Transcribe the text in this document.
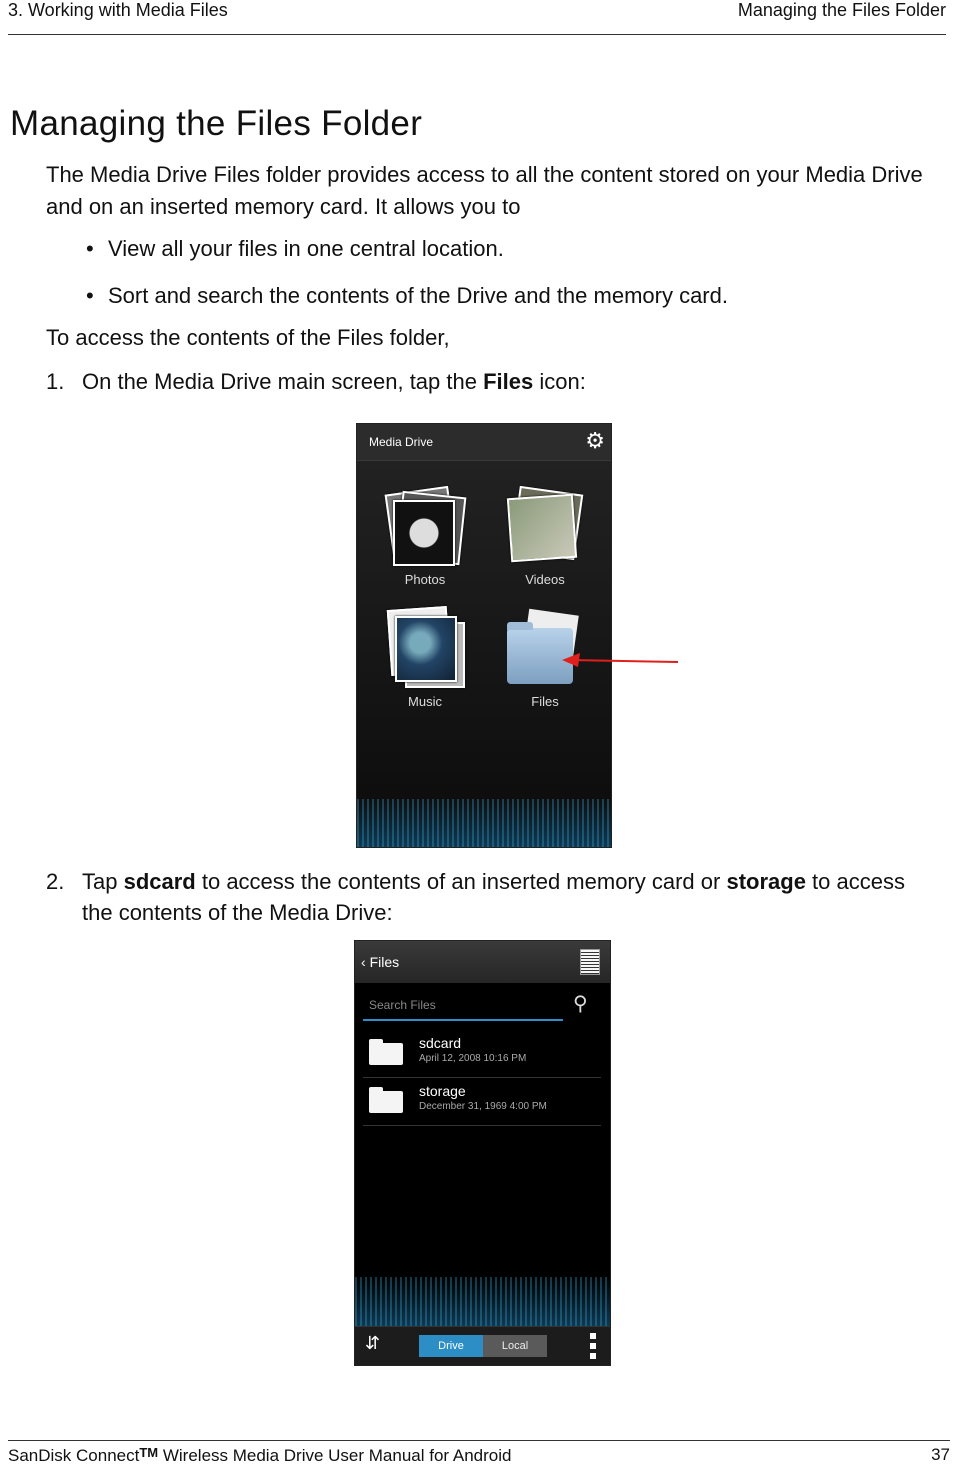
3. Working with Media Files	Managing the Files Folder
Managing the Files Folder
The Media Drive Files folder provides access to all the content stored on your Media Drive and on an inserted memory card. It allows you to
• View all your files in one central location.
• Sort and search the contents of the Drive and the memory card.
To access the contents of the Files folder,
1. On the Media Drive main screen, tap the Files icon:
Media Drive	⚙
Photos	Videos
Music	Files
2. Tap sdcard to access the contents of an inserted memory card or storage to access the contents of the Media Drive:
‹ Files
Search Files	⚲
sdcard
April 12, 2008 10:16 PM
storage
December 31, 1969 4:00 PM
⇵	Drive	Local
SanDisk Connect™ Wireless Media Drive User Manual for Android	37
